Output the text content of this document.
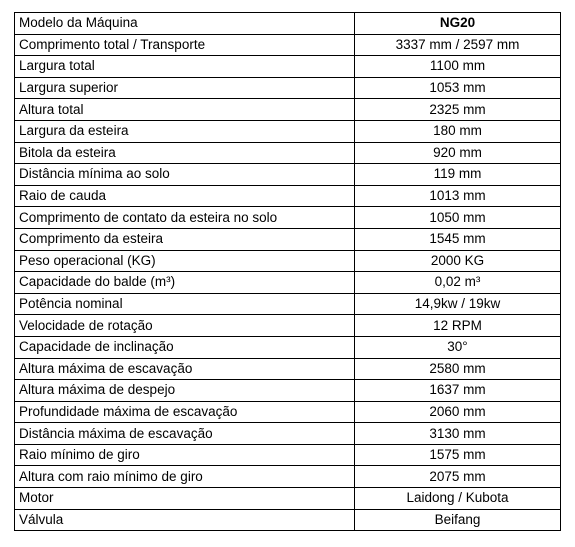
Modelo da Máquina	NG20
Comprimento total / Transporte	3337 mm / 2597 mm
Largura total	1100 mm
Largura superior	1053 mm
Altura total	2325 mm
Largura da esteira	180 mm
Bitola da esteira	920 mm
Distância mínima ao solo	119 mm
Raio de cauda	1013 mm
Comprimento de contato da esteira no solo	1050 mm
Comprimento da esteira	1545 mm
Peso operacional (KG)	2000 KG
Capacidade do balde (m³)	0,02 m³
Potência nominal	14,9kw / 19kw
Velocidade de rotação	12 RPM
Capacidade de inclinação	30°
Altura máxima de escavação	2580 mm
Altura máxima de despejo	1637 mm
Profundidade máxima de escavação	2060 mm
Distância máxima de escavação	3130 mm
Raio mínimo de giro	1575 mm
Altura com raio mínimo de giro	2075 mm
Motor	Laidong / Kubota
Válvula	Beifang
